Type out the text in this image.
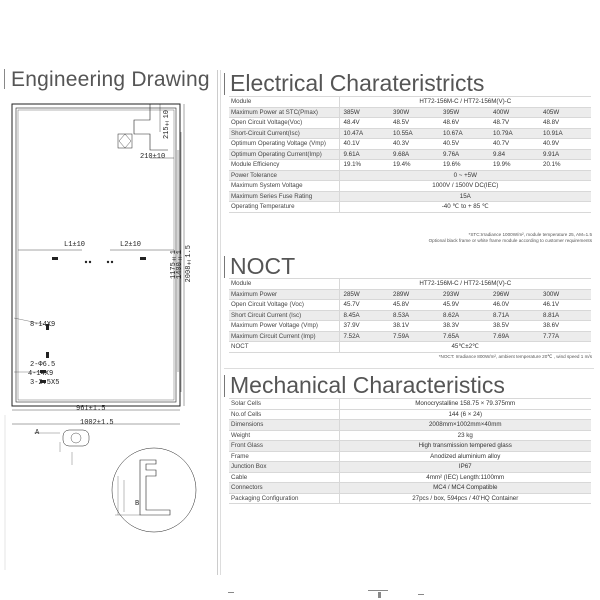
Engineering Drawing
215±10
210±10
L1±10	L2±10
1175±1
1400±1 2008±1.5
8-14X9
2-Φ6.5
4-14X9
3-2.5X5
961±1.5
1002±1.5
A
B
Electrical Charateristricts
Module	HT72-156M-C / HT72-156M(V)-C				
Maximum Power at STC(Pmax)	385W	390W	395W	400W	405W
Open Circuit Voltage(Voc)	48.4V	48.5V	48.6V	48.7V	48.8V
Short-Circuit Current(Isc)	10.47A	10.55A	10.67A	10.79A	10.91A
Optimum Operating Voltage (Vmp)	40.1V	40.3V	40.5V	40.7V	40.9V
Optimum Operating Current(Imp)	9.61A	9.68A	9.76A	9.84	9.91A
Module Efficiency	19.1%	19.4%	19.6%	19.9%	20.1%
Power Tolerance	0 ~ +5W				
Maximum System Voltage	1000V / 1500V DC(IEC)				
Maximum Series Fuse Rating	15A				
Operating Temperature	-40 ℃ to + 85 ℃				
*STC:Irradiance 1000W/m², module temperature 25, AM=1.5
Optional black frame or white frame module according to customer requirements
NOCT
Module	HT72-156M-C / HT72-156M(V)-C				
Maximum Power	285W	289W	293W	296W	300W
Open Circuit Voltage (Voc)	45.7V	45.8V	45.9V	46.0V	46.1V
Short Circuit Current (Isc)	8.45A	8.53A	8.62A	8.71A	8.81A
Maximum Power Voltage (Vmp)	37.9V	38.1V	38.3V	38.5V	38.6V
Maximum Circuit Current (Imp)	7.52A	7.59A	7.65A	7.69A	7.77A
NOCT	45℃±2℃				
*NOCT: Irradiance 800W/m², ambient temperature 20℃ , wind speed 1 m/s
Mechanical Characteristics
Solar Cells	Monocrystalline 158.75 × 79.375mm
No.of Cells	144 (6 × 24)
Dimensions	2008mm×1002mm×40mm
Weight	23 kg
Front Glass	High transmission tempered glass
Frame	Anodized aluminium alloy
Junction Box	IP67
Cable	4mm² (IEC) Length:1100mm
Connectors	MC4 / MC4 Compatible
Packaging Configuration	27pcs / box, 594pcs / 40'HQ Container
